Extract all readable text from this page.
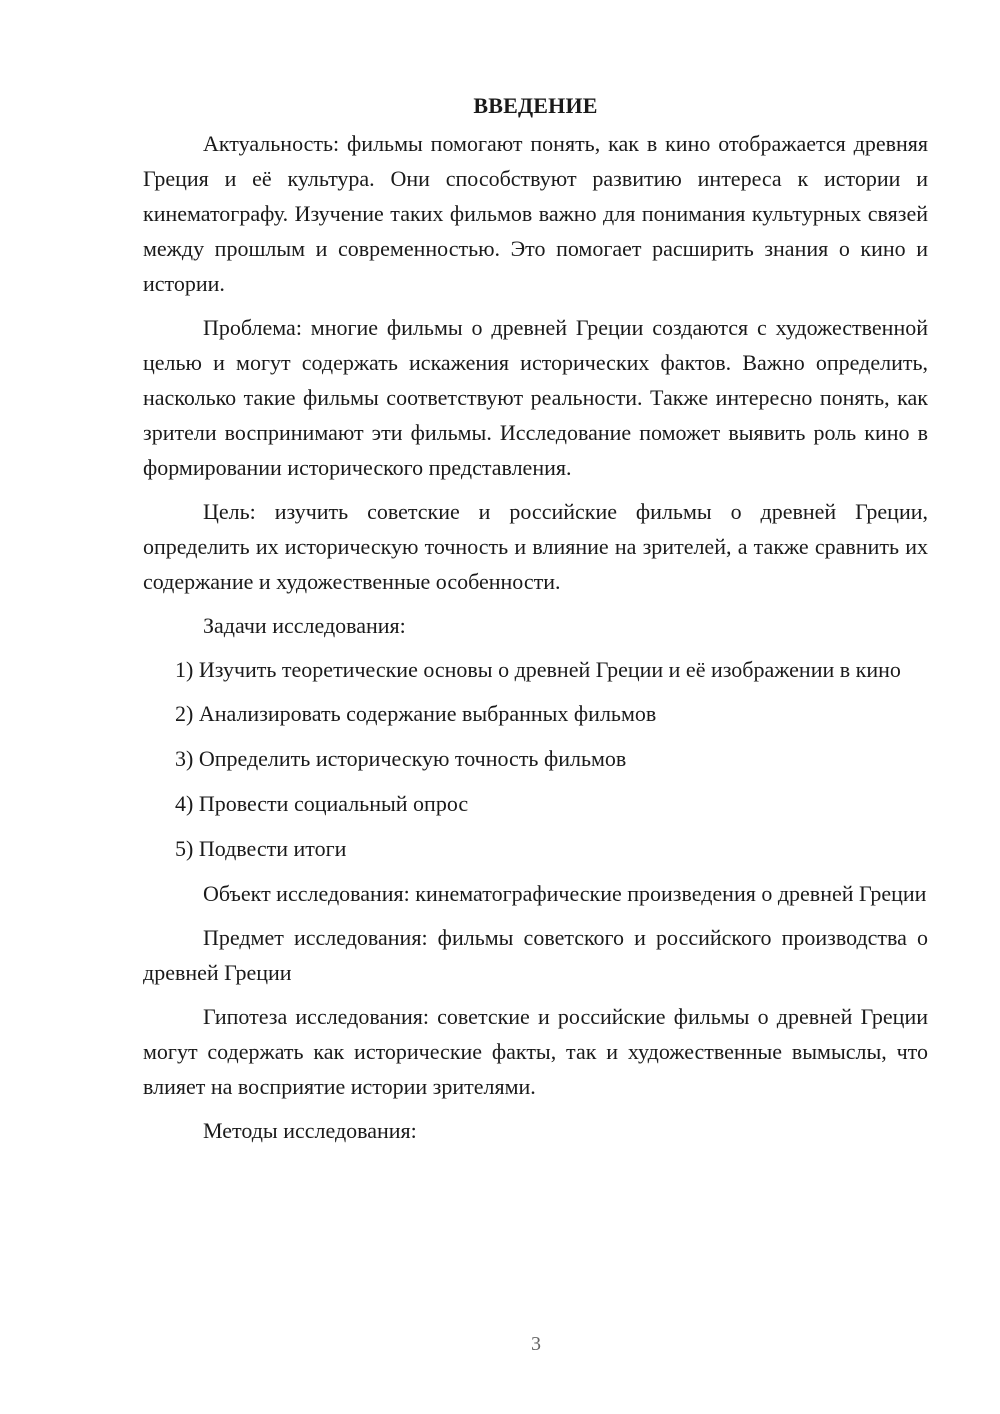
ВВЕДЕНИЕ

Актуальность: фильмы помогают понять, как в кино отображается древняя Греция и её культура. Они способствуют развитию интереса к истории и кинематографу. Изучение таких фильмов важно для понимания культурных связей между прошлым и современностью. Это помогает расширить знания о кино и истории.

Проблема: многие фильмы о древней Греции создаются с художественной целью и могут содержать искажения исторических фактов. Важно определить, насколько такие фильмы соответствуют реальности. Также интересно понять, как зрители воспринимают эти фильмы. Исследование поможет выявить роль кино в формировании исторического представления.

Цель: изучить советские и российские фильмы о древней Греции, определить их историческую точность и влияние на зрителей, а также сравнить их содержание и художественные особенности.

Задачи исследования:

1) Изучить теоретические основы о древней Греции и её изображении в кино

2) Анализировать содержание выбранных фильмов

3) Определить историческую точность фильмов

4) Провести социальный опрос

5) Подвести итоги

Объект исследования: кинематографические произведения о древней Греции

Предмет исследования: фильмы советского и российского производства о древней Греции

Гипотеза исследования: советские и российские фильмы о древней Греции могут содержать как исторические факты, так и художественные вымыслы, что влияет на восприятие истории зрителями.

Методы исследования:

3
